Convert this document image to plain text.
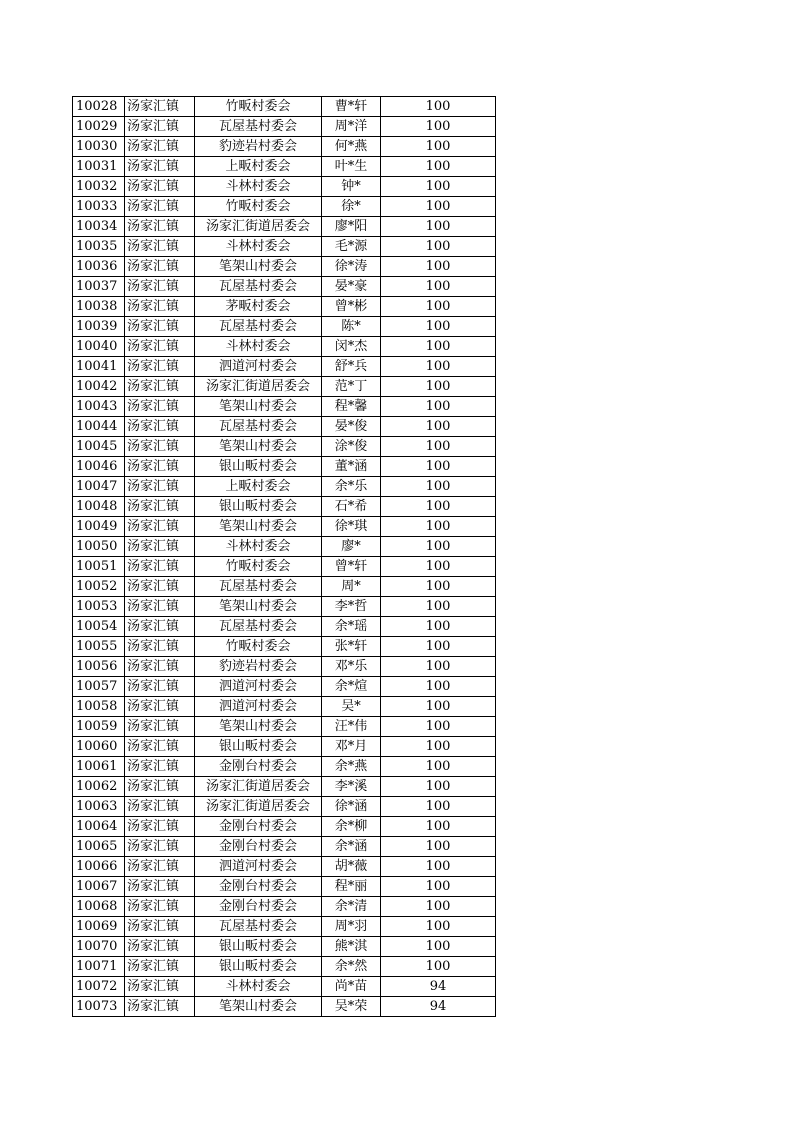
10028	汤家汇镇	竹畈村委会	曹*轩	100
10029	汤家汇镇	瓦屋基村委会	周*洋	100
10030	汤家汇镇	豹迹岩村委会	何*燕	100
10031	汤家汇镇	上畈村委会	叶*生	100
10032	汤家汇镇	斗林村委会	钟*	100
10033	汤家汇镇	竹畈村委会	徐*	100
10034	汤家汇镇	汤家汇街道居委会	廖*阳	100
10035	汤家汇镇	斗林村委会	毛*源	100
10036	汤家汇镇	笔架山村委会	徐*涛	100
10037	汤家汇镇	瓦屋基村委会	晏*豪	100
10038	汤家汇镇	茅畈村委会	曾*彬	100
10039	汤家汇镇	瓦屋基村委会	陈*	100
10040	汤家汇镇	斗林村委会	闵*杰	100
10041	汤家汇镇	泗道河村委会	舒*兵	100
10042	汤家汇镇	汤家汇街道居委会	范*丁	100
10043	汤家汇镇	笔架山村委会	程*馨	100
10044	汤家汇镇	瓦屋基村委会	晏*俊	100
10045	汤家汇镇	笔架山村委会	涂*俊	100
10046	汤家汇镇	银山畈村委会	董*涵	100
10047	汤家汇镇	上畈村委会	余*乐	100
10048	汤家汇镇	银山畈村委会	石*希	100
10049	汤家汇镇	笔架山村委会	徐*琪	100
10050	汤家汇镇	斗林村委会	廖*	100
10051	汤家汇镇	竹畈村委会	曾*轩	100
10052	汤家汇镇	瓦屋基村委会	周*	100
10053	汤家汇镇	笔架山村委会	李*哲	100
10054	汤家汇镇	瓦屋基村委会	余*瑶	100
10055	汤家汇镇	竹畈村委会	张*轩	100
10056	汤家汇镇	豹迹岩村委会	邓*乐	100
10057	汤家汇镇	泗道河村委会	余*煊	100
10058	汤家汇镇	泗道河村委会	吴*	100
10059	汤家汇镇	笔架山村委会	汪*伟	100
10060	汤家汇镇	银山畈村委会	邓*月	100
10061	汤家汇镇	金刚台村委会	余*燕	100
10062	汤家汇镇	汤家汇街道居委会	李*溪	100
10063	汤家汇镇	汤家汇街道居委会	徐*涵	100
10064	汤家汇镇	金刚台村委会	余*柳	100
10065	汤家汇镇	金刚台村委会	余*涵	100
10066	汤家汇镇	泗道河村委会	胡*薇	100
10067	汤家汇镇	金刚台村委会	程*丽	100
10068	汤家汇镇	金刚台村委会	余*清	100
10069	汤家汇镇	瓦屋基村委会	周*羽	100
10070	汤家汇镇	银山畈村委会	熊*淇	100
10071	汤家汇镇	银山畈村委会	余*然	100
10072	汤家汇镇	斗林村委会	尚*苗	94
10073	汤家汇镇	笔架山村委会	吴*荣	94
